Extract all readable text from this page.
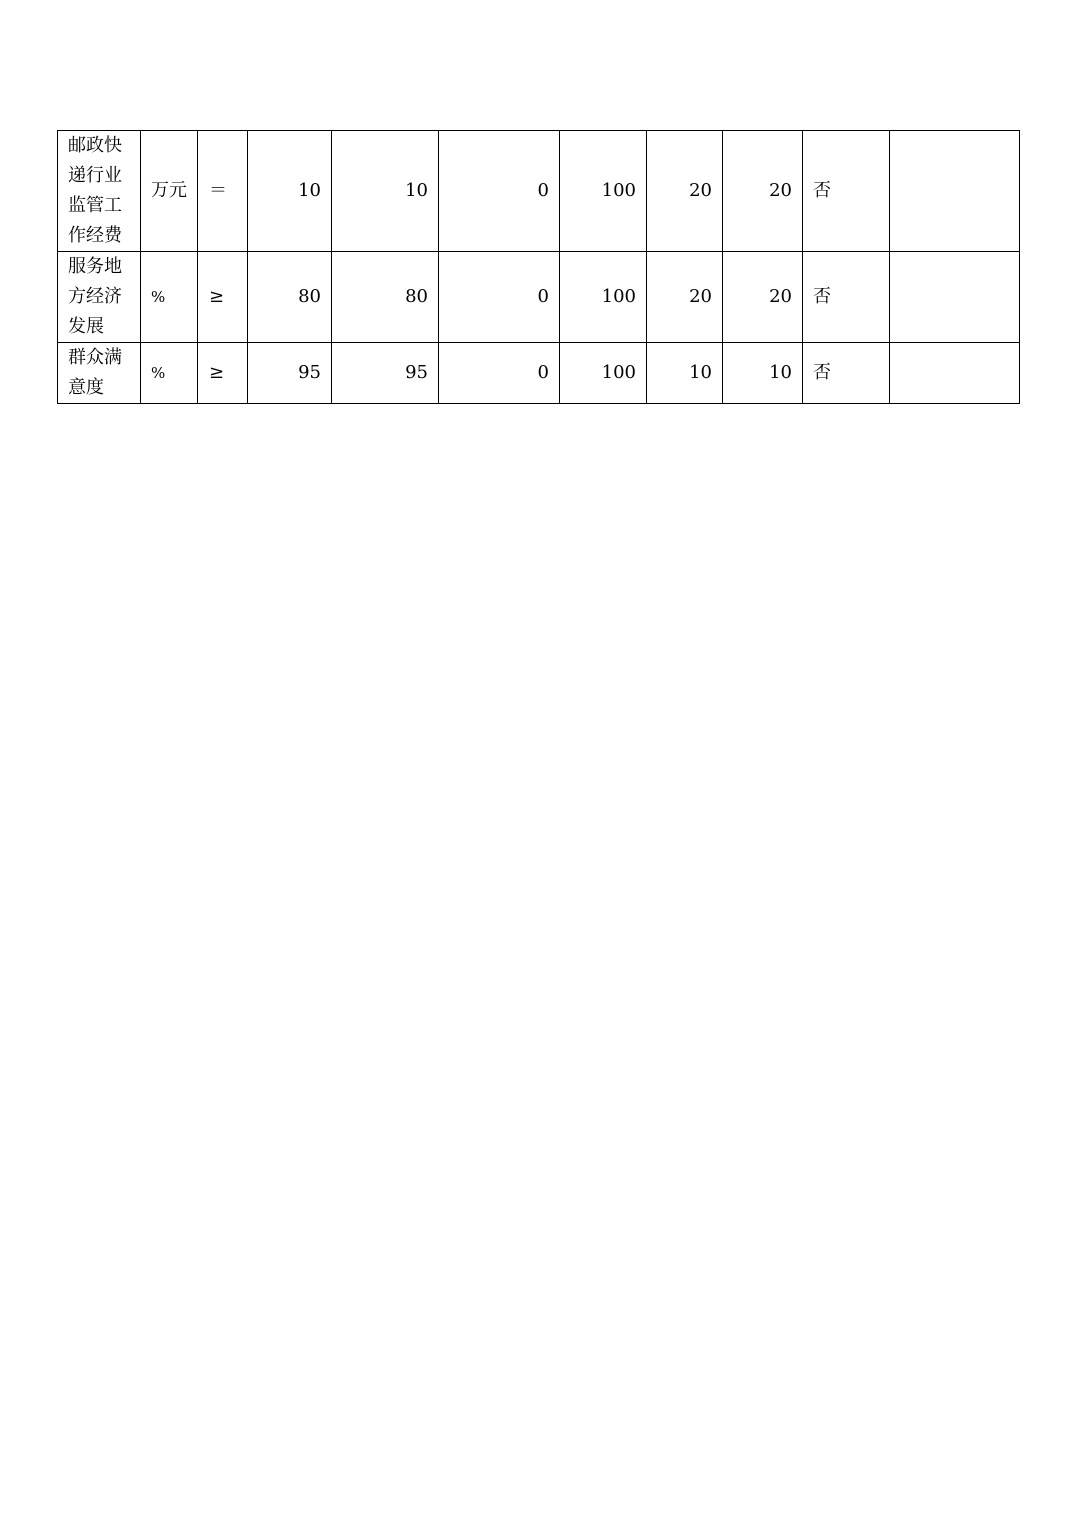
邮政快递行业监管工作经费	万元	＝	10	10	0	100	20	20	否	
服务地方经济发展	%	≥	80	80	0	100	20	20	否	
群众满意度	%	≥	95	95	0	100	10	10	否	
